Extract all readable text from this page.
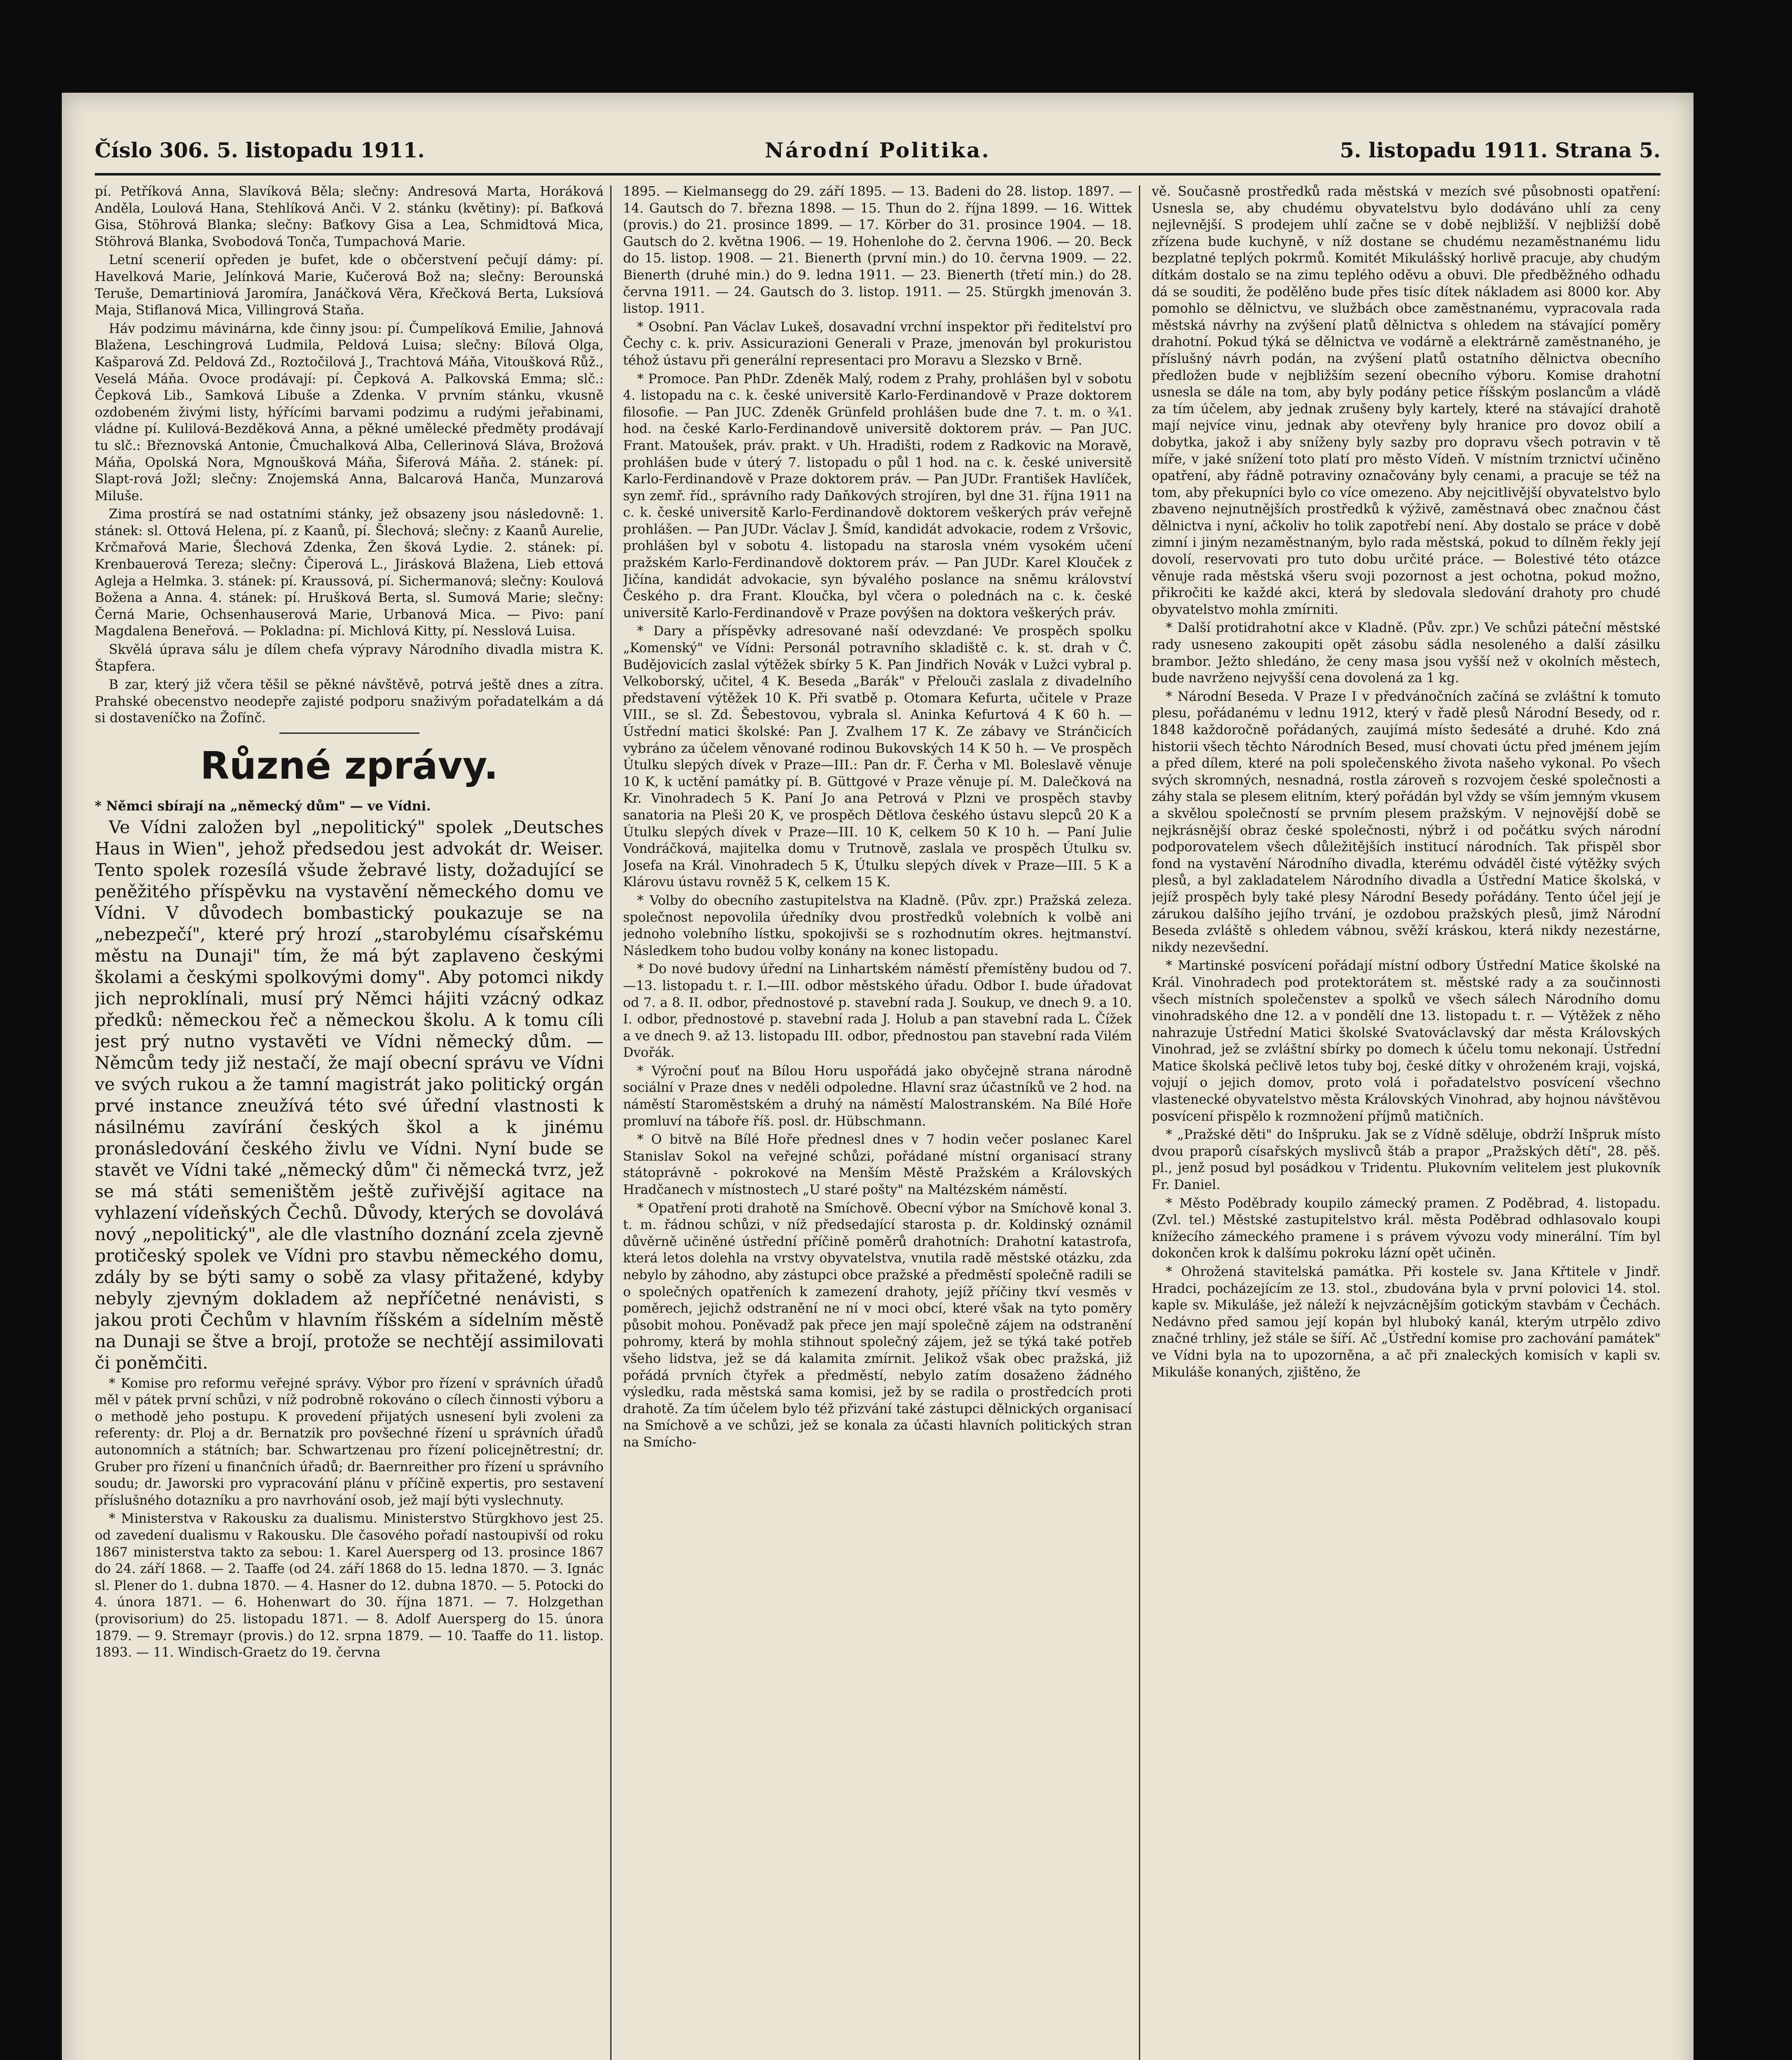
Číslo 306. 5. listopadu 1911.	Národní Politika.	5. listopadu 1911. Strana 5.

pí. Petříková Anna, Slavíková Běla; slečny: Andresová Marta, Horáková Anděla, Loulová Hana, Stehlíková Anči. V 2. stánku (květiny): pí. Baťková Gisa, Stöhrová Blanka; slečny: Baťkovy Gisa a Lea, Schmidtová Mica, Stöhrová Blanka, Svobodová Tonča, Tumpachová Marie.

Letní scenerií opředen je bufet, kde o občerstvení pečují dámy: pí. Havelková Marie, Jelínková Marie, Kučerová Bož na; slečny: Berounská Teruše, Demartiniová Jaromíra, Janáčková Věra, Křečková Berta, Luksíová Maja, Stiflanová Mica, Villingrová Staňa.

Háv podzimu mávinárna, kde činny jsou: pí. Čumpelíková Emilie, Jahnová Blažena, Leschingrová Ludmila, Peldová Luisa; slečny: Bílová Olga, Kašparová Zd. Peldová Zd., Roztočilová J., Trachtová Máňa, Vitoušková Růž., Veselá Máňa. Ovoce prodávají: pí. Čepková A. Palkovská Emma; slč.: Čepková Lib., Samková Libuše a Zdenka. V prvním stánku, vkusně ozdobeném živými listy, hýřícími barvami podzimu a rudými jeřabinami, vládne pí. Kulilová-Bezděková Anna, a pěkné umělecké předměty prodávají tu slč.: Březnovská Antonie, Čmuchalková Alba, Cellerinová Sláva, Brožová Máňa, Opolská Nora, Mgnoušková Máňa, Šiferová Máňa. 2. stánek: pí. Slapt-rová Jožl; slečny: Znojemská Anna, Balcarová Hanča, Munzarová Miluše.

Zima prostírá se nad ostatními stánky, jež obsazeny jsou následovně: 1. stánek: sl. Ottová Helena, pí. z Kaanů, pí. Šlechová; slečny: z Kaanů Aurelie, Krčmařová Marie, Šlechová Zdenka, Žen šková Lydie. 2. stánek: pí. Krenbauerová Tereza; slečny: Čiperová L., Jirásková Blažena, Lieb ettová Agleja a Helmka. 3. stánek: pí. Kraussová, pí. Sichermanová; slečny: Koulová Božena a Anna. 4. stánek: pí. Hrušková Berta, sl. Sumová Marie; slečny: Černá Marie, Ochsenhauserová Marie, Urbanová Mica. — Pivo: paní Magdalena Beneřová. — Pokladna: pí. Michlová Kitty, pí. Nesslová Luisa.

Skvělá úprava sálu je dílem chefa výpravy Národního divadla mistra K. Štapfera.

B zar, který již včera těšil se pěkné návštěvě, potrvá ještě dnes a zítra. Prahské obecenstvo neodepře zajisté podporu snaživým pořadatelkám a dá si dostaveníčko na Žofínč.

Různé zprávy.

* Němci sbírají na „německý dům" — ve Vídni.

Ve Vídni založen byl „nepolitický" spolek „Deutsches Haus in Wien", jehož předsedou jest advokát dr. Weiser. Tento spolek rozesílá všude žebravé listy, dožadující se peněžitého příspěvku na vystavění německého domu ve Vídni. V důvodech bombastický poukazuje se na „nebezpečí", které prý hrozí „starobylému císařskému městu na Dunaji" tím, že má být zaplaveno českými školami a českými spolkovými domy". Aby potomci nikdy jich neproklínali, musí prý Němci hájiti vzácný odkaz předků: německou řeč a německou školu. A k tomu cíli jest prý nutno vystavěti ve Vídni německý dům. — Němcům tedy již nestačí, že mají obecní správu ve Vídni ve svých rukou a že tamní magistrát jako politický orgán prvé instance zneužívá této své úřední vlastnosti k násilnému zavírání českých škol a k jinému pronásledování českého živlu ve Vídni. Nyní bude se stavět ve Vídni také „německý dům" či německá tvrz, jež se má státi semeništěm ještě zuřivější agitace na vyhlazení vídeňských Čechů. Důvody, kterých se dovolává nový „nepolitický", ale dle vlastního doznání zcela zjevně protičeský spolek ve Vídni pro stavbu německého domu, zdály by se býti samy o sobě za vlasy přitažené, kdyby nebyly zjevným dokladem až nepříčetné nenávisti, s jakou proti Čechům v hlavním říšském a sídelním městě na Dunaji se štve a brojí, protože se nechtějí assimilovati či poněmčiti.

* Komise pro reformu veřejné správy. Výbor pro řízení v správních úřadů měl v pátek první schůzi, v níž podrobně rokováno o cílech činnosti výboru a o methodě jeho postupu. K provedení přijatých usnesení byli zvoleni za referenty: dr. Ploj a dr. Bernatzik pro povšechné řízení u správních úřadů autonomních a státních; bar. Schwartzenau pro řízení policejnětrestní; dr. Gruber pro řízení u finančních úřadů; dr. Baernreither pro řízení u správního soudu; dr. Jaworski pro vypracování plánu v příčině expertis, pro sestavení příslušného dotazníku a pro navrhování osob, jež mají býti vyslechnuty.

* Ministerstva v Rakousku za dualismu. Ministerstvo Stürgkhovo jest 25. od zavedení dualismu v Rakousku. Dle časového pořadí nastoupivší od roku 1867 ministerstva takto za sebou: 1. Karel Auersperg od 13. prosince 1867 do 24. září 1868. — 2. Taaffe (od 24. září 1868 do 15. ledna 1870. — 3. Ignác sl. Plener do 1. dubna 1870. — 4. Hasner do 12. dubna 1870. — 5. Potocki do 4. února 1871. — 6. Hohenwart do 30. října 1871. — 7. Holzgethan (provisorium) do 25. listopadu 1871. — 8. Adolf Auersperg do 15. února 1879. — 9. Stremayr (provis.) do 12. srpna 1879. — 10. Taaffe do 11. listop. 1893. — 11. Windisch-Graetz do 19. června

1895. — Kielmansegg do 29. září 1895. — 13. Badeni do 28. listop. 1897. — 14. Gautsch do 7. března 1898. — 15. Thun do 2. října 1899. — 16. Wittek (provis.) do 21. prosince 1899. — 17. Körber do 31. prosince 1904. — 18. Gautsch do 2. května 1906. — 19. Hohenlohe do 2. června 1906. — 20. Beck do 15. listop. 1908. — 21. Bienerth (první min.) do 10. června 1909. — 22. Bienerth (druhé min.) do 9. ledna 1911. — 23. Bienerth (třetí min.) do 28. června 1911. — 24. Gautsch do 3. listop. 1911. — 25. Stürgkh jmenován 3. listop. 1911.

* Osobní. Pan Václav Lukeš, dosavadní vrchní inspektor při ředitelství pro Čechy c. k. priv. Assicurazioni Generali v Praze, jmenován byl prokuristou téhož ústavu při generální representaci pro Moravu a Slezsko v Brně.

* Promoce. Pan PhDr. Zdeněk Malý, rodem z Prahy, prohlášen byl v sobotu 4. listopadu na c. k. české universitě Karlo-Ferdinandově v Praze doktorem filosofie. — Pan JUC. Zdeněk Grünfeld prohlášen bude dne 7. t. m. o ¾1. hod. na české Karlo-Ferdinandově universitě doktorem práv. — Pan JUC. Frant. Matoušek, práv. prakt. v Uh. Hradišti, rodem z Radkovic na Moravě, prohlášen bude v úterý 7. listopadu o půl 1 hod. na c. k. české universitě Karlo-Ferdinandově v Praze doktorem práv. — Pan JUDr. František Havlíček, syn zemř. říd., správního rady Daňkových strojíren, byl dne 31. října 1911 na c. k. české universitě Karlo-Ferdinandově doktorem veškerých práv veřejně prohlášen. — Pan JUDr. Václav J. Šmíd, kandidát advokacie, rodem z Vršovic, prohlášen byl v sobotu 4. listopadu na starosla vném vysokém učení pražském Karlo-Ferdinandově doktorem práv. — Pan JUDr. Karel Klouček z Jičína, kandidát advokacie, syn bývalého poslance na sněmu království Českého p. dra Frant. Kloučka, byl včera o polednách na c. k. české universitě Karlo-Ferdinandově v Praze povýšen na doktora veškerých práv.

* Dary a příspěvky adresované naší odevzdané: Ve prospěch spolku „Komenský" ve Vídni: Personál potravního skladiště c. k. st. drah v Č. Budějovicích zaslal výtěžek sbírky 5 K. Pan Jindřich Novák v Lužci vybral p. Velkoborský, učitel, 4 K. Beseda „Barák" v Přelouči zaslala z divadelního představení výtěžek 10 K. Při svatbě p. Otomara Kefurta, učitele v Praze VIII., se sl. Zd. Šebestovou, vybrala sl. Aninka Kefurtová 4 K 60 h. — Ústřední matici školské: Pan J. Zvalhem 17 K. Ze zábavy ve Stránčicích vybráno za účelem věnované rodinou Bukovských 14 K 50 h. — Ve prospěch Útulku slepých dívek v Praze—III.: Pan dr. F. Čerha v Ml. Boleslavě věnuje 10 K, k uctění památky pí. B. Güttgové v Praze věnuje pí. M. Dalečková na Kr. Vinohradech 5 K. Paní Jo ana Petrová v Plzni ve prospěch stavby sanatoria na Pleši 20 K, ve prospěch Dětlova českého ústavu slepců 20 K a Útulku slepých dívek v Praze—III. 10 K, celkem 50 K 10 h. — Paní Julie Vondráčková, majitelka domu v Trutnově, zaslala ve prospěch Útulku sv. Josefa na Král. Vinohradech 5 K, Útulku slepých dívek v Praze—III. 5 K a Klárovu ústavu rovněž 5 K, celkem 15 K.

* Volby do obecního zastupitelstva na Kladně. (Pův. zpr.) Pražská zeleza. společnost nepovolila úředníky dvou prostředků volebních k volbě ani jednoho volebního lístku, spokojivši se s rozhodnutím okres. hejtmanství. Následkem toho budou volby konány na konec listopadu.

* Do nové budovy úřední na Linhartském náměstí přemístěny budou od 7.—13. listopadu t. r. I.—III. odbor městského úřadu. Odbor I. bude úřadovat od 7. a 8. II. odbor, přednostové p. stavební rada J. Soukup, ve dnech 9. a 10. I. odbor, přednostové p. stavební rada J. Holub a pan stavební rada L. Čížek a ve dnech 9. až 13. listopadu III. odbor, přednostou pan stavební rada Vilém Dvořák.

* Výroční pouť na Bílou Horu uspořádá jako obyčejně strana národně sociální v Praze dnes v neděli odpoledne. Hlavní sraz účastníků ve 2 hod. na náměstí Staroměstském a druhý na náměstí Malostranském. Na Bílé Hoře promluví na táboře říš. posl. dr. Hübschmann.

* O bitvě na Bílé Hoře přednesl dnes v 7 hodin večer poslanec Karel Stanislav Sokol na veřejné schůzi, pořádané místní organisací strany státoprávně - pokrokové na Menším Městě Pražském a Královských Hradčanech v místnostech „U staré pošty" na Maltézském náměstí.

* Opatření proti drahotě na Smíchově. Obecní výbor na Smíchově konal 3. t. m. řádnou schůzi, v níž předsedající starosta p. dr. Koldinský oznámil důvěrně učiněné ústřední příčině poměrů drahotních: Drahotní katastrofa, která letos dolehla na vrstvy obyvatelstva, vnutila radě městské otázku, zda nebylo by záhodno, aby zástupci obce pražské a předměstí společně radili se o společných opatřeních k zamezení drahoty, jejíž příčiny tkví vesměs v poměrech, jejichž odstranění ne ní v moci obcí, které však na tyto poměry působit mohou. Poněvadž pak přece jen mají společně zájem na odstranění pohromy, která by mohla stihnout společný zájem, jež se týká také potřeb všeho lidstva, jež se dá kalamita zmírnit. Jelikož však obec pražská, již pořádá prvních čtyřek a předměstí, nebylo zatím dosaženo žádného výsledku, rada městská sama komisi, jež by se radila o prostředcích proti drahotě. Za tím účelem bylo též přizvání také zástupci dělnických organisací na Smíchově a ve schůzi, jež se konala za účasti hlavních politických stran na Smícho-

vě. Současně prostředků rada městská v mezích své působnosti opatření: Usnesla se, aby chudému obyvatelstvu bylo dodáváno uhlí za ceny nejlevnější. S prodejem uhlí začne se v době nejbližší. V nejbližší době zřízena bude kuchyně, v níž dostane se chudému nezaměstnanému lidu bezplatné teplých pokrmů. Komitét Mikulášský horlivě pracuje, aby chudým dítkám dostalo se na zimu teplého oděvu a obuvi. Dle předběžného odhadu dá se souditi, že podělěno bude přes tisíc dítek nákladem asi 8000 kor. Aby pomohlo se dělnictvu, ve službách obce zaměstnanému, vypracovala rada městská návrhy na zvýšení platů dělnictva s ohledem na stávající poměry drahotní. Pokud týká se dělnictva ve vodárně a elektrárně zaměstnaného, je příslušný návrh podán, na zvýšení platů ostatního dělnictva obecního předložen bude v nejbližším sezení obecního výboru. Komise drahotní usnesla se dále na tom, aby byly podány petice říšským poslancům a vládě za tím účelem, aby jednak zrušeny byly kartely, které na stávající drahotě mají nejvíce vinu, jednak aby otevřeny byly hranice pro dovoz obilí a dobytka, jakož i aby sníženy byly sazby pro dopravu všech potravin v tě míře, v jaké snížení toto platí pro město Vídeň. V místním trznictví učiněno opatření, aby řádně potraviny označovány byly cenami, a pracuje se též na tom, aby překupníci bylo co více omezeno. Aby nejcitlivější obyvatelstvo bylo zbaveno nejnutnějších prostředků k výživě, zaměstnavá obec značnou část dělnictva i nyní, ačkoliv ho tolik zapotřebí není. Aby dostalo se práce v době zimní i jiným nezaměstnaným, bylo rada městská, pokud to dílněm řekly její dovolí, reservovati pro tuto dobu určité práce. — Bolestivé této otázce věnuje rada městská všeru svoji pozornost a jest ochotna, pokud možno, přikročiti ke každé akci, která by sledovala sledování drahoty pro chudé obyvatelstvo mohla zmírniti.

* Další protidrahotní akce v Kladně. (Pův. zpr.) Ve schůzi páteční městské rady usneseno zakoupiti opět zásobu sádla nesoleného a další zásilku brambor. Ježto shledáno, že ceny masa jsou vyšší než v okolních městech, bude navrženo nejvyšší cena dovolená za 1 kg.

* Národní Beseda. V Praze I v předvánočních začíná se zvláštní k tomuto plesu, pořádanému v lednu 1912, který v řadě plesů Národní Besedy, od r. 1848 každoročně pořádaných, zaujímá místo šedesáté a druhé. Kdo zná historii všech těchto Národních Besed, musí chovati úctu před jménem jejím a před dílem, které na poli společenského života našeho vykonal. Po všech svých skromných, nesnadná, rostla zároveň s rozvojem české společnosti a záhy stala se plesem elitním, který pořádán byl vždy se vším jemným vkusem a skvělou společností se prvním plesem pražským. V nejnovější době se nejkrásnější obraz české společnosti, nýbrž i od počátku svých národní podporovatelem všech důležitějších institucí národních. Tak přispěl sbor fond na vystavění Národního divadla, kterému odváděl čisté výtěžky svých plesů, a byl zakladatelem Národního divadla a Ústřední Matice školská, v jejíž prospěch byly také plesy Národní Besedy pořádány. Tento účel její je zárukou dalšího jejího trvání, je ozdobou pražských plesů, jimž Národní Beseda zvláště s ohledem vábnou, svěží kráskou, která nikdy nezestárne, nikdy nezevšední.

* Martinské posvícení pořádají místní odbory Ústřední Matice školské na Král. Vinohradech pod protektorátem st. městské rady a za součinnosti všech místních společenstev a spolků ve všech sálech Národního domu vinohradského dne 12. a v pondělí dne 13. listopadu t. r. — Výtěžek z něho nahrazuje Ústřední Matici školské Svatováclavský dar města Královských Vinohrad, jež se zvláštní sbírky po domech k účelu tomu nekonají. Ústřední Matice školská pečlivě letos tuby boj, české dítky v ohroženém kraji, vojská, vojují o jejich domov, proto volá i pořadatelstvo posvícení všechno vlastenecké obyvatelstvo města Královských Vinohrad, aby hojnou návštěvou posvícení přispělo k rozmnožení příjmů matičních.

* „Pražské děti" do Inšpruku. Jak se z Vídně sděluje, obdrží Inšpruk místo dvou praporů císařských myslivců štáb a prapor „Pražských dětí", 28. pěš. pl., jenž posud byl posádkou v Tridentu. Plukovním velitelem jest plukovník Fr. Daniel.

* Město Poděbrady koupilo zámecký pramen. Z Poděbrad, 4. listopadu. (Zvl. tel.) Městské zastupitelstvo král. města Poděbrad odhlasovalo koupi knížecího zámeckého pramene i s právem vývozu vody minerální. Tím byl dokončen krok k dalšímu pokroku lázní opět učiněn.

* Ohrožená stavitelská památka. Při kostele sv. Jana Křtitele v Jindř. Hradci, pocházejícím ze 13. stol., zbudována byla v první polovici 14. stol. kaple sv. Mikuláše, jež náleží k nejvzácnějším gotickým stavbám v Čechách. Nedávno před samou její kopán byl hluboký kanál, kterým utrpělo zdivo značné trhliny, jež stále se šíří. Ač „Ústřední komise pro zachování památek" ve Vídni byla na to upozorněna, a ač při znaleckých komisích v kapli sv. Mikuláše konaných, zjištěno, že
